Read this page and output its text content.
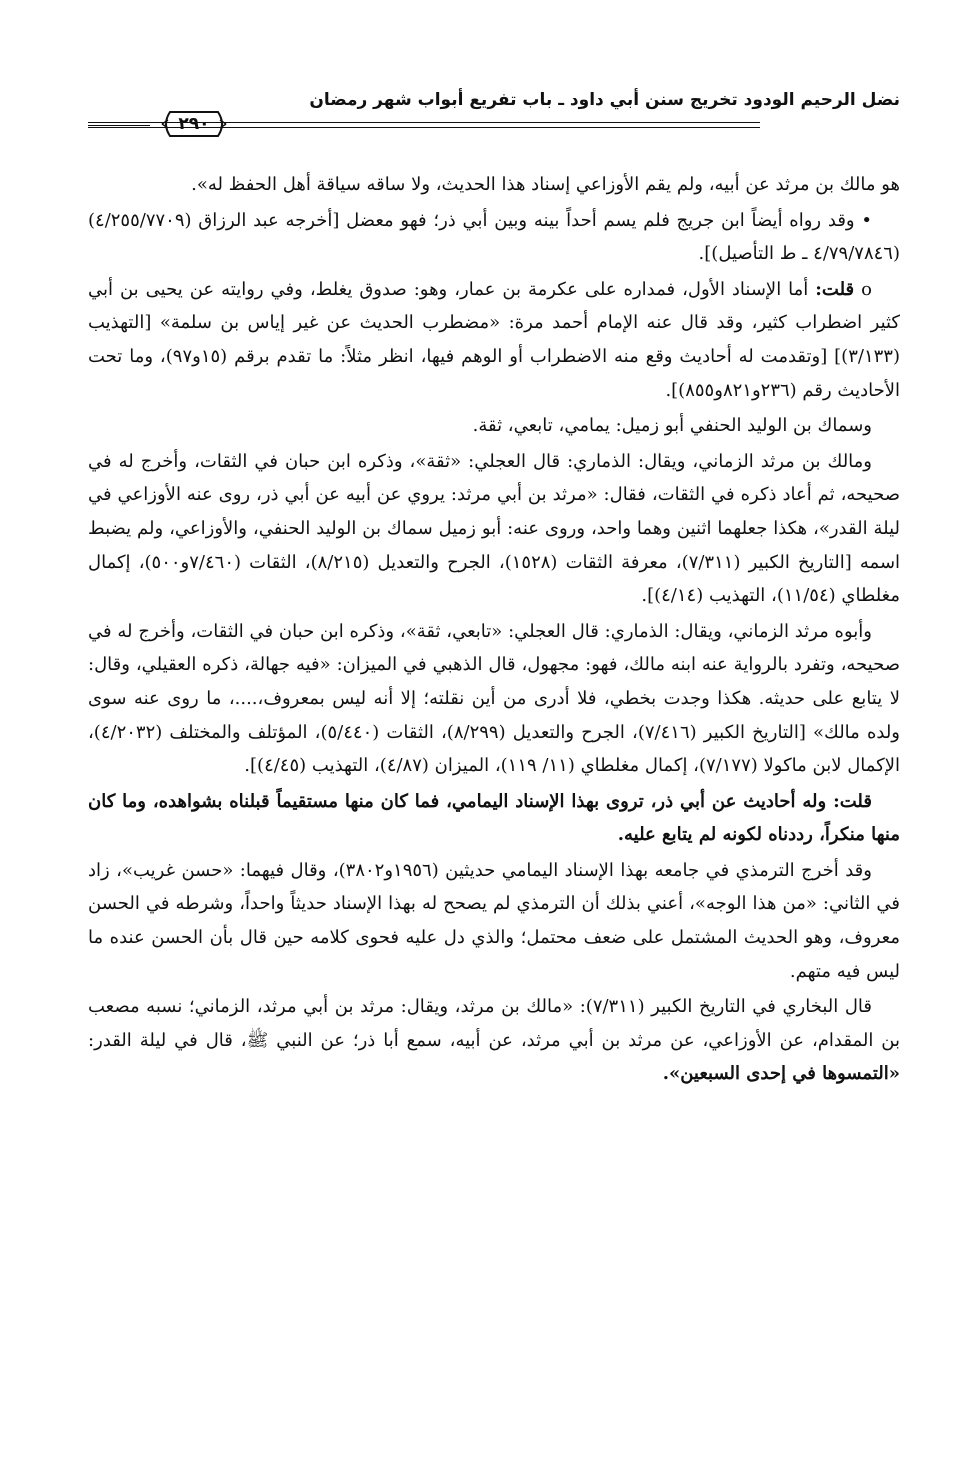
نضل الرحيم الودود تخريج سنن أبي داود ـ باب تفريع أبواب شهر رمضان
٢٩٠

هو مالك بن مرثد عن أبيه، ولم يقم الأوزاعي إسناد هذا الحديث، ولا ساقه سياقة أهل الحفظ له».

• وقد رواه أيضاً ابن جريج فلم يسم أحداً بينه وبين أبي ذر؛ فهو معضل [أخرجه عبد الرزاق (٤/٢٥٥/٧٧٠٩) (٤/٧٩/٧٨٤٦ ـ ط التأصيل)].

o قلت: أما الإسناد الأول، فمداره على عكرمة بن عمار، وهو: صدوق يغلط، وفي روايته عن يحيى بن أبي كثير اضطراب كثير، وقد قال عنه الإمام أحمد مرة: «مضطرب الحديث عن غير إياس بن سلمة» [التهذيب (٣/١٣٣)] [وتقدمت له أحاديث وقع منه الاضطراب أو الوهم فيها، انظر مثلاً: ما تقدم برقم (١٥و٩٧)، وما تحت الأحاديث رقم (٢٣٦و٨٢١و٨٥٥)].

وسماك بن الوليد الحنفي أبو زميل: يمامي، تابعي، ثقة.

ومالك بن مرثد الزماني، ويقال: الذماري: قال العجلي: «ثقة»، وذكره ابن حبان في الثقات، وأخرج له في صحيحه، ثم أعاد ذكره في الثقات، فقال: «مرثد بن أبي مرثد: يروي عن أبيه عن أبي ذر، روى عنه الأوزاعي في ليلة القدر»، هكذا جعلهما اثنين وهما واحد، وروى عنه: أبو زميل سماك بن الوليد الحنفي، والأوزاعي، ولم يضبط اسمه [التاريخ الكبير (٧/٣١١)، معرفة الثقات (١٥٢٨)، الجرح والتعديل (٨/٢١٥)، الثقات (٧/٤٦٠و٥٠٠)، إكمال مغلطاي (١١/٥٤)، التهذيب (٤/١٤)].

وأبوه مرثد الزماني، ويقال: الذماري: قال العجلي: «تابعي، ثقة»، وذكره ابن حبان في الثقات، وأخرج له في صحيحه، وتفرد بالرواية عنه ابنه مالك، فهو: مجهول، قال الذهبي في الميزان: «فيه جهالة، ذكره العقيلي، وقال: لا يتابع على حديثه. هكذا وجدت بخطي، فلا أدرى من أين نقلته؛ إلا أنه ليس بمعروف،....، ما روى عنه سوى ولده مالك» [التاريخ الكبير (٧/٤١٦)، الجرح والتعديل (٨/٢٩٩)، الثقات (٥/٤٤٠)، المؤتلف والمختلف (٤/٢٠٣٢)، الإكمال لابن ماكولا (٧/١٧٧)، إكمال مغلطاي (١١/ ١١٩)، الميزان (٤/٨٧)، التهذيب (٤/٤٥)].

قلت: وله أحاديث عن أبي ذر، تروى بهذا الإسناد اليمامي، فما كان منها مستقيماً قبلناه بشواهده، وما كان منها منكراً، رددناه لكونه لم يتابع عليه.

وقد أخرج الترمذي في جامعه بهذا الإسناد اليمامي حديثين (١٩٥٦و٣٨٠٢)، وقال فيهما: «حسن غريب»، زاد في الثاني: «من هذا الوجه»، أعني بذلك أن الترمذي لم يصحح له بهذا الإسناد حديثاً واحداً، وشرطه في الحسن معروف، وهو الحديث المشتمل على ضعف محتمل؛ والذي دل عليه فحوى كلامه حين قال بأن الحسن عنده ما ليس فيه متهم.

قال البخاري في التاريخ الكبير (٧/٣١١): «مالك بن مرثد، ويقال: مرثد بن أبي مرثد، الزماني؛ نسبه مصعب بن المقدام، عن الأوزاعي، عن مرثد بن أبي مرثد، عن أبيه، سمع أبا ذر؛ عن النبي ﷺ، قال في ليلة القدر: «التمسوها في إحدى السبعين».
